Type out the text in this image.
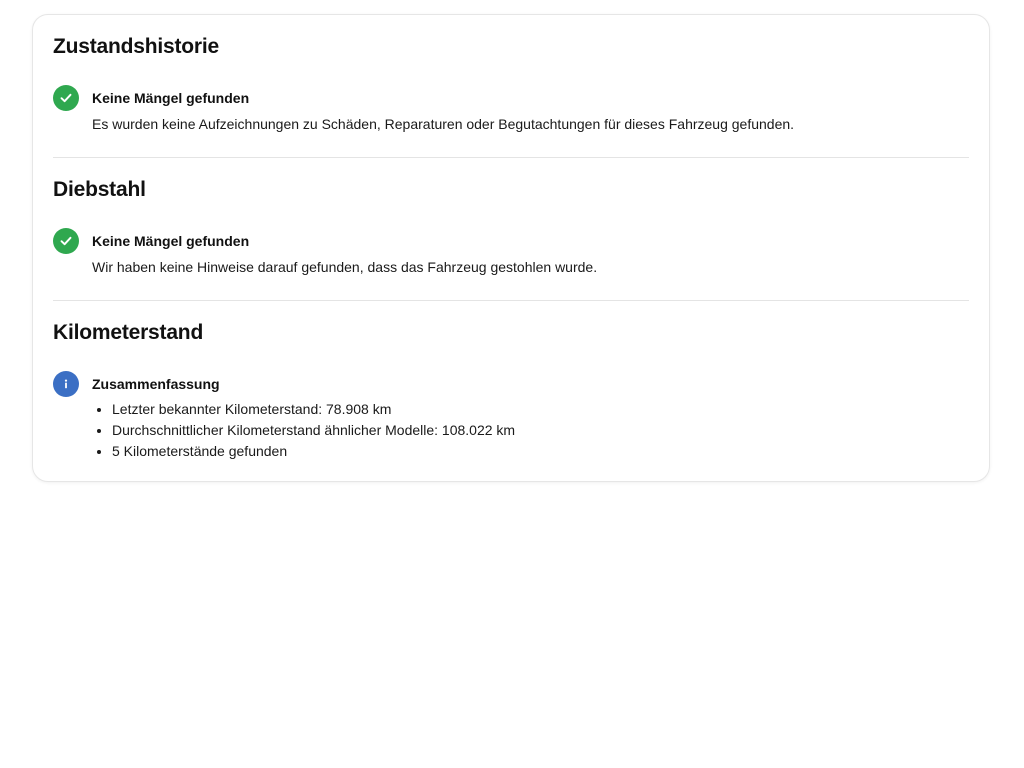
Zustandshistorie
Keine Mängel gefunden
Es wurden keine Aufzeichnungen zu Schäden, Reparaturen oder Begutachtungen für dieses Fahrzeug gefunden.
Diebstahl
Keine Mängel gefunden
Wir haben keine Hinweise darauf gefunden, dass das Fahrzeug gestohlen wurde.
Kilometerstand
Zusammenfassung
• Letzter bekannter Kilometerstand: 78.908 km
• Durchschnittlicher Kilometerstand ähnlicher Modelle: 108.022 km
• 5 Kilometerstände gefunden
